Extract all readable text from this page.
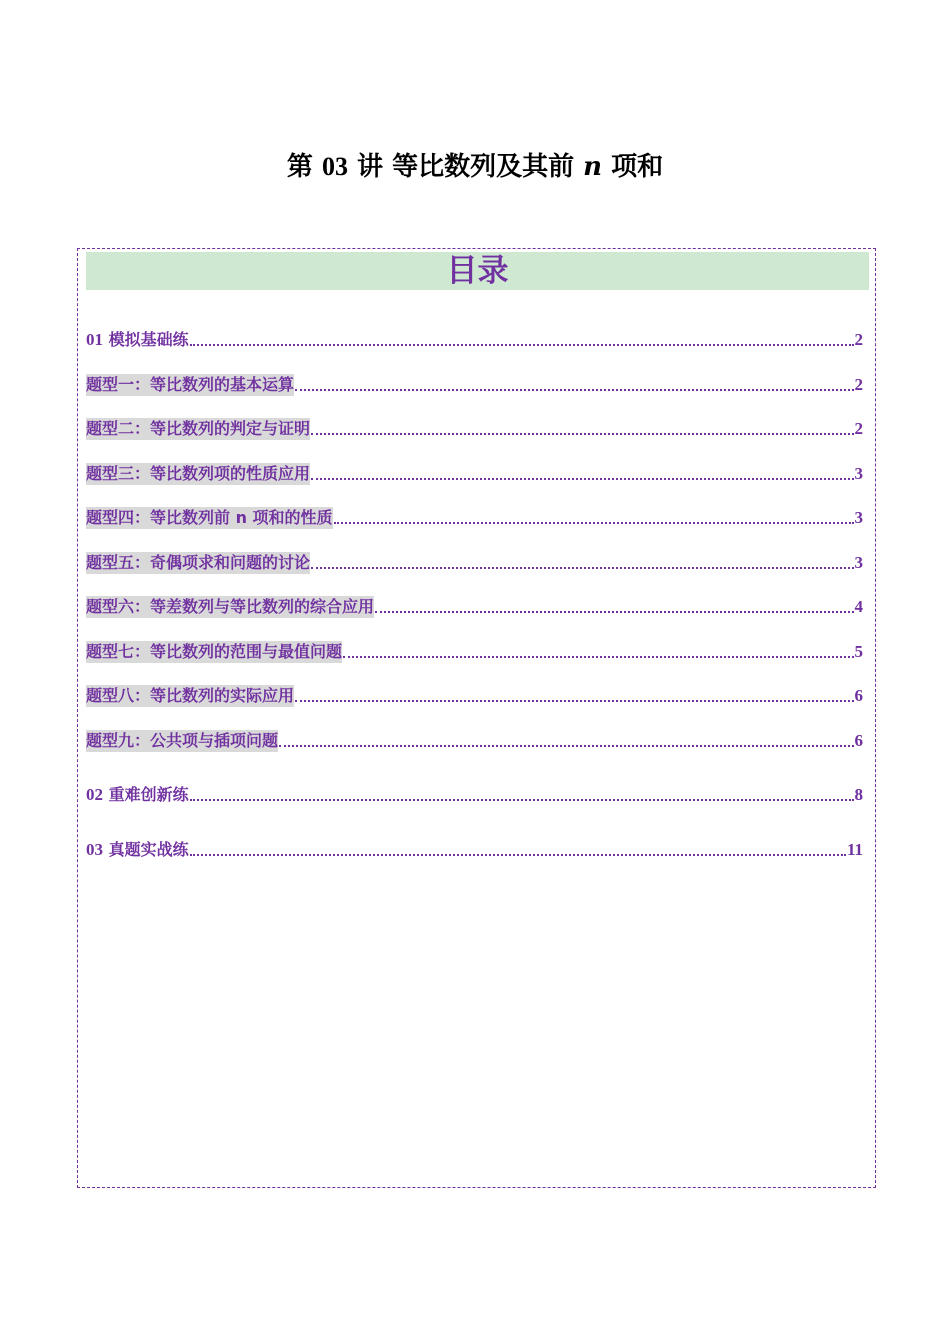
第 03 讲 等比数列及其前 n 项和
目录
01 模拟基础练	2
题型一：等比数列的基本运算	2
题型二：等比数列的判定与证明	2
题型三：等比数列项的性质应用	3
题型四：等比数列前 n 项和的性质	3
题型五：奇偶项求和问题的讨论	3
题型六：等差数列与等比数列的综合应用	4
题型七：等比数列的范围与最值问题	5
题型八：等比数列的实际应用	6
题型九：公共项与插项问题	6
02 重难创新练	8
03 真题实战练	11
